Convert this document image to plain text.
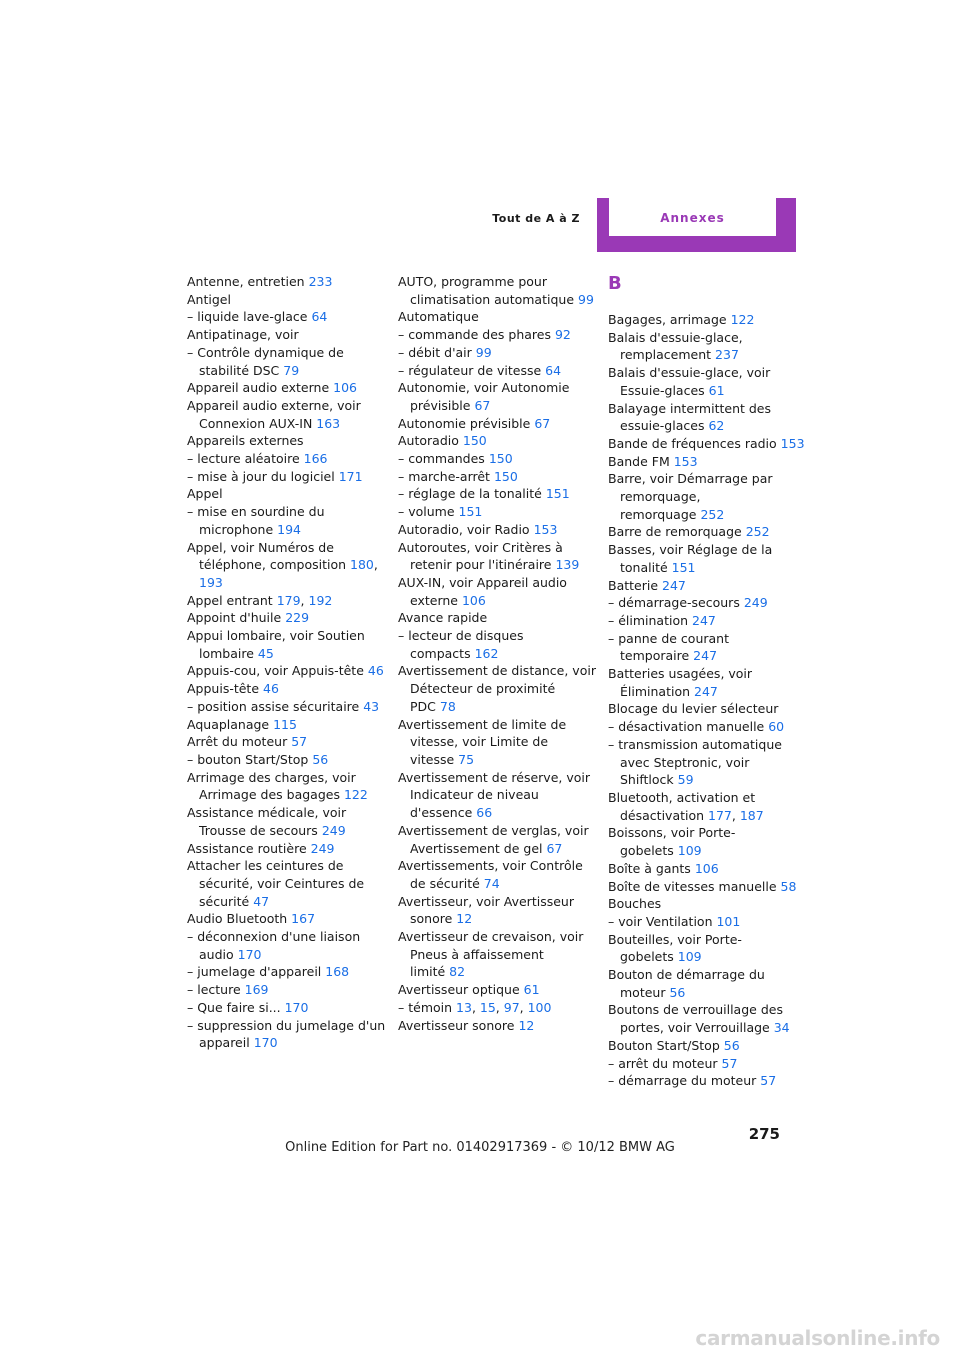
Tout de A à Z	Annexes
Antenne, entretien 233
Antigel
– liquide lave-glace 64
Antipatinage, voir
– Contrôle dynamique de stabilité DSC 79
Appareil audio externe 106
Appareil audio externe, voir Connexion AUX-IN 163
Appareils externes
– lecture aléatoire 166
– mise à jour du logiciel 171
Appel
– mise en sourdine du microphone 194
Appel, voir Numéros de téléphone, composition 180, 193
Appel entrant 179, 192
Appoint d'huile 229
Appui lombaire, voir Soutien lombaire 45
Appuis-cou, voir Appuis-tête 46
Appuis-tête 46
– position assise sécuritaire 43
Aquaplanage 115
Arrêt du moteur 57
– bouton Start/Stop 56
Arrimage des charges, voir Arrimage des bagages 122
Assistance médicale, voir Trousse de secours 249
Assistance routière 249
Attacher les ceintures de sécurité, voir Ceintures de sécurité 47
Audio Bluetooth 167
– déconnexion d'une liaison audio 170
– jumelage d'appareil 168
– lecture 169
– Que faire si... 170
– suppression du jumelage d'un appareil 170
AUTO, programme pour climatisation automatique 99
Automatique
– commande des phares 92
– débit d'air 99
– régulateur de vitesse 64
Autonomie, voir Autonomie prévisible 67
Autonomie prévisible 67
Autoradio 150
– commandes 150
– marche-arrêt 150
– réglage de la tonalité 151
– volume 151
Autoradio, voir Radio 153
Autoroutes, voir Critères à retenir pour l'itinéraire 139
AUX-IN, voir Appareil audio externe 106
Avance rapide
– lecteur de disques compacts 162
Avertissement de distance, voir Détecteur de proximité PDC 78
Avertissement de limite de vitesse, voir Limite de vitesse 75
Avertissement de réserve, voir Indicateur de niveau d'essence 66
Avertissement de verglas, voir Avertissement de gel 67
Avertissements, voir Contrôle de sécurité 74
Avertisseur, voir Avertisseur sonore 12
Avertisseur de crevaison, voir Pneus à affaissement limité 82
Avertisseur optique 61
– témoin 13, 15, 97, 100
Avertisseur sonore 12
B
Bagages, arrimage 122
Balais d'essuie-glace, remplacement 237
Balais d'essuie-glace, voir Essuie-glaces 61
Balayage intermittent des essuie-glaces 62
Bande de fréquences radio 153
Bande FM 153
Barre, voir Démarrage par remorquage, remorquage 252
Barre de remorquage 252
Basses, voir Réglage de la tonalité 151
Batterie 247
– démarrage-secours 249
– élimination 247
– panne de courant temporaire 247
Batteries usagées, voir Élimination 247
Blocage du levier sélecteur
– désactivation manuelle 60
– transmission automatique avec Steptronic, voir Shiftlock 59
Bluetooth, activation et désactivation 177, 187
Boissons, voir Porte-gobelets 109
Boîte à gants 106
Boîte de vitesses manuelle 58
Bouches
– voir Ventilation 101
Bouteilles, voir Porte-gobelets 109
Bouton de démarrage du moteur 56
Boutons de verrouillage des portes, voir Verrouillage 34
Bouton Start/Stop 56
– arrêt du moteur 57
– démarrage du moteur 57
275
Online Edition for Part no. 01402917369 - © 10/12 BMW AG
carmanualsonline.info
